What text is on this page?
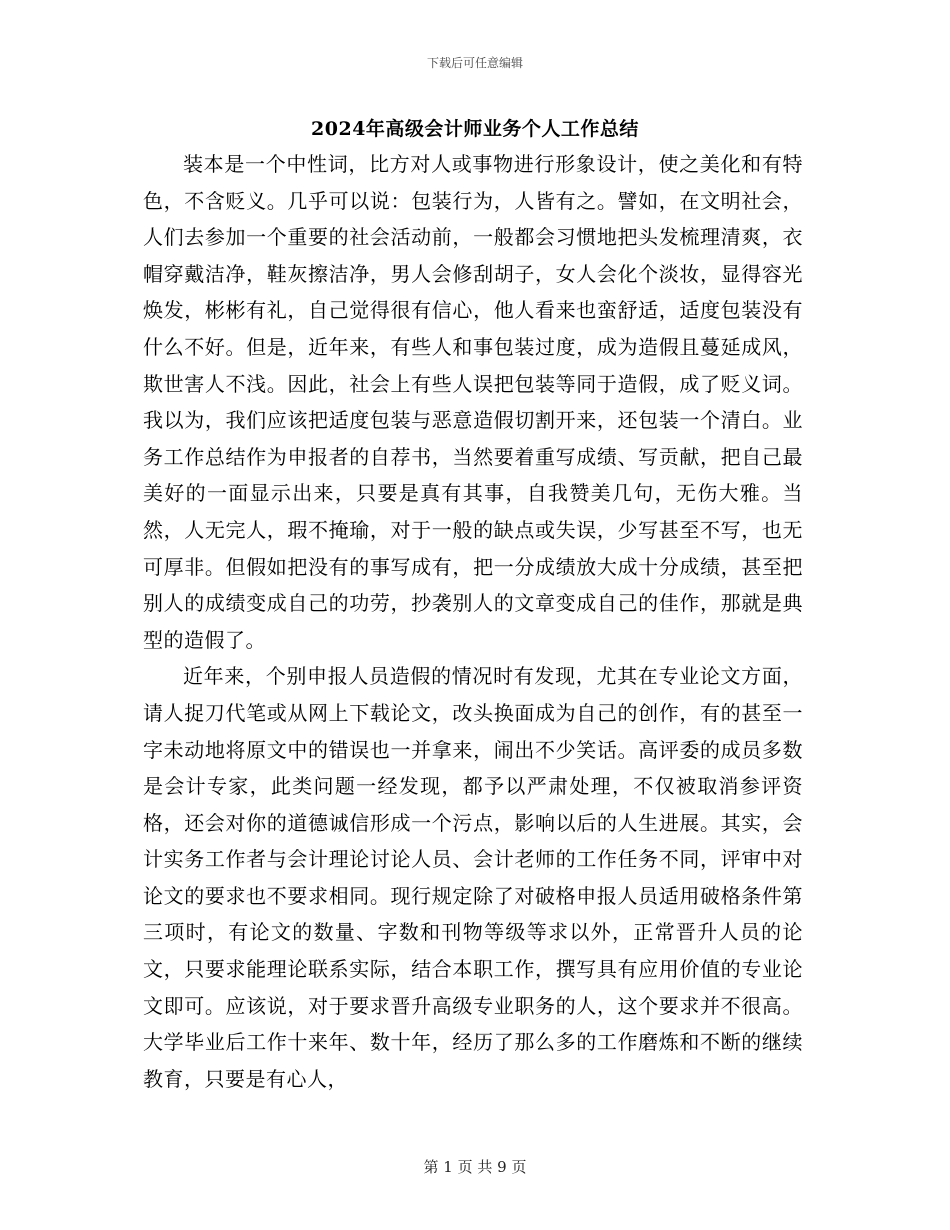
下载后可任意编辑
2024年高级会计师业务个人工作总结

装本是一个中性词，比方对人或事物进行形象设计，使之美化和有特色，不含贬义。几乎可以说：包装行为，人皆有之。譬如，在文明社会，人们去参加一个重要的社会活动前，一般都会习惯地把头发梳理清爽，衣帽穿戴洁净，鞋灰擦洁净，男人会修刮胡子，女人会化个淡妆，显得容光焕发，彬彬有礼，自己觉得很有信心，他人看来也蛮舒适，适度包装没有什么不好。但是，近年来，有些人和事包装过度，成为造假且蔓延成风，欺世害人不浅。因此，社会上有些人误把包装等同于造假，成了贬义词。我以为，我们应该把适度包装与恶意造假切割开来，还包装一个清白。业务工作总结作为申报者的自荐书，当然要着重写成绩、写贡献，把自己最美好的一面显示出来，只要是真有其事，自我赞美几句，无伤大雅。当然，人无完人，瑕不掩瑜，对于一般的缺点或失误，少写甚至不写，也无可厚非。但假如把没有的事写成有，把一分成绩放大成十分成绩，甚至把别人的成绩变成自己的功劳，抄袭别人的文章变成自己的佳作，那就是典型的造假了。

近年来，个别申报人员造假的情况时有发现，尤其在专业论文方面，请人捉刀代笔或从网上下载论文，改头换面成为自己的创作，有的甚至一字未动地将原文中的错误也一并拿来，闹出不少笑话。高评委的成员多数是会计专家，此类问题一经发现，都予以严肃处理，不仅被取消参评资格，还会对你的道德诚信形成一个污点，影响以后的人生进展。其实，会计实务工作者与会计理论讨论人员、会计老师的工作任务不同，评审中对论文的要求也不要求相同。现行规定除了对破格申报人员适用破格条件第三项时，有论文的数量、字数和刊物等级等求以外，正常晋升人员的论文，只要求能理论联系实际，结合本职工作，撰写具有应用价值的专业论文即可。应该说，对于要求晋升高级专业职务的人，这个要求并不很高。大学毕业后工作十来年、数十年，经历了那么多的工作磨炼和不断的继续教育，只要是有心人，

第 1 页 共 9 页
